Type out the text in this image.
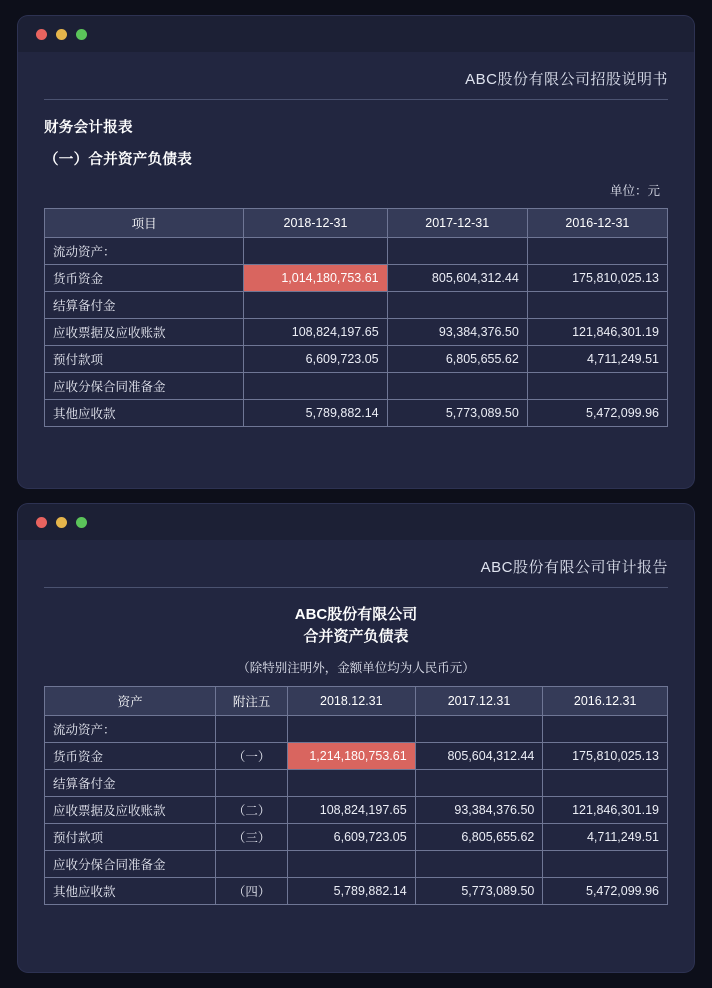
ABC股份有限公司招股说明书
财务会计报表
（一）合并资产负债表
单位：元
项目	2018-12-31	2017-12-31	2016-12-31
流动资产：			
货币资金	1,014,180,753.61	805,604,312.44	175,810,025.13
结算备付金			
应收票据及应收账款	108,824,197.65	93,384,376.50	121,846,301.19
预付款项	6,609,723.05	6,805,655.62	4,711,249.51
应收分保合同准备金			
其他应收款	5,789,882.14	5,773,089.50	5,472,099.96
ABC股份有限公司审计报告
ABC股份有限公司
合并资产负债表
（除特别注明外，金额单位均为人民币元）
资产	附注五	2018.12.31	2017.12.31	2016.12.31
流动资产：				
货币资金	（一）	1,214,180,753.61	805,604,312.44	175,810,025.13
结算备付金				
应收票据及应收账款	（二）	108,824,197.65	93,384,376.50	121,846,301.19
预付款项	（三）	6,609,723.05	6,805,655.62	4,711,249.51
应收分保合同准备金				
其他应收款	（四）	5,789,882.14	5,773,089.50	5,472,099.96
